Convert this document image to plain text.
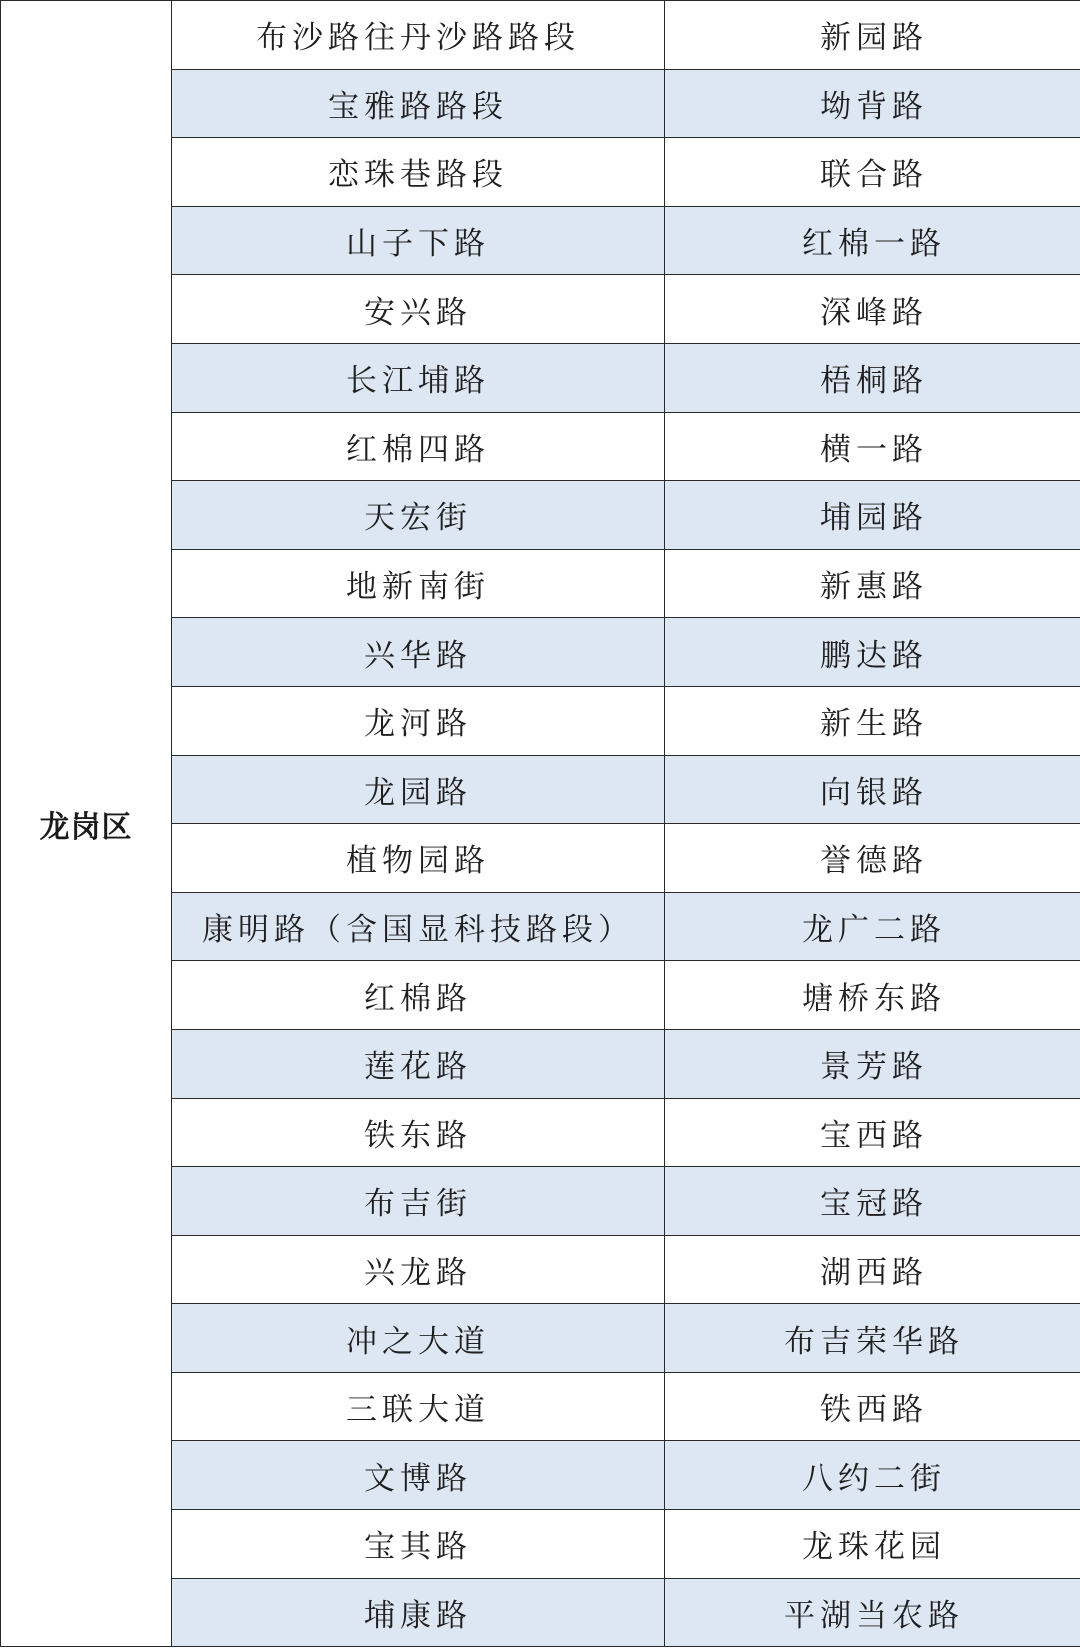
龙岗区	布沙路往丹沙路路段	新园路
	宝雅路路段	坳背路
	恋珠巷路段	联合路
	山子下路	红棉一路
	安兴路	深峰路
	长江埔路	梧桐路
	红棉四路	横一路
	天宏街	埔园路
	地新南街	新惠路
	兴华路	鹏达路
	龙河路	新生路
	龙园路	向银路
	植物园路	誉德路
	康明路（含国显科技路段）	龙广二路
	红棉路	塘桥东路
	莲花路	景芳路
	铁东路	宝西路
	布吉街	宝冠路
	兴龙路	湖西路
	冲之大道	布吉荣华路
	三联大道	铁西路
	文博路	八约二街
	宝其路	龙珠花园
	埔康路	平湖当农路
